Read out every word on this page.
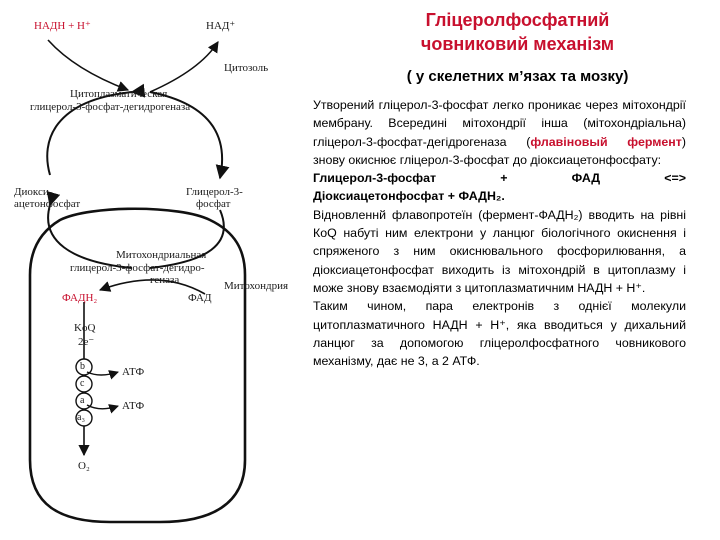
НАДН + Н⁺	НАД⁺
Цитозоль
Цитоплазматическая
глицерол-3-фосфат-дегидрогеназа
Диокси-
ацетонфосфат
Глицерол-3-
фосфат
Митохондриальная
глицерол-3-фосфат-дегидро-
геназа	Митохондрия
ФАДН₂	ФАД
KoQ
2e⁻
b
c
a
a₃
АТФ
АТФ
O₂
Гліцеролфосфатний
човниковий механізм
( у скелетних м’язах та мозку)

Утворений гліцерол-3-фосфат легко проникає через мітохондрії мембрану. Всередині мітохондрії інша (мітохондріальна) гліцерол-3-фосфат-дегідрогеназа (флавіновый фермент) знову окиснює гліцерол-3-фосфат до діоксиацетонфосфату:

Глицерол-3-фосфат	+	ФАД	<=>

Діоксиацетонфосфат + ФАДН₂.

Відновленнй флавопротеїн (фермент-ФАДН₂) вводить на рівні КоQ набуті ним електрони у ланцюг біологічного окиснення і спряженого з ним окиснювального фосфорилювання, а діоксиацетонфосфат виходить із мітохондрій в цитоплазму і може знову взаємодіяти з цитоплазматичним НАДН + Н⁺.

Таким чином, пара електронів з однієї молекули цитоплазматичного НАДН + Н⁺, яка вводиться у дихальний ланцюг за допомогою гліцеролфосфатного човникового механізму, дає не 3, а 2 АТФ.
